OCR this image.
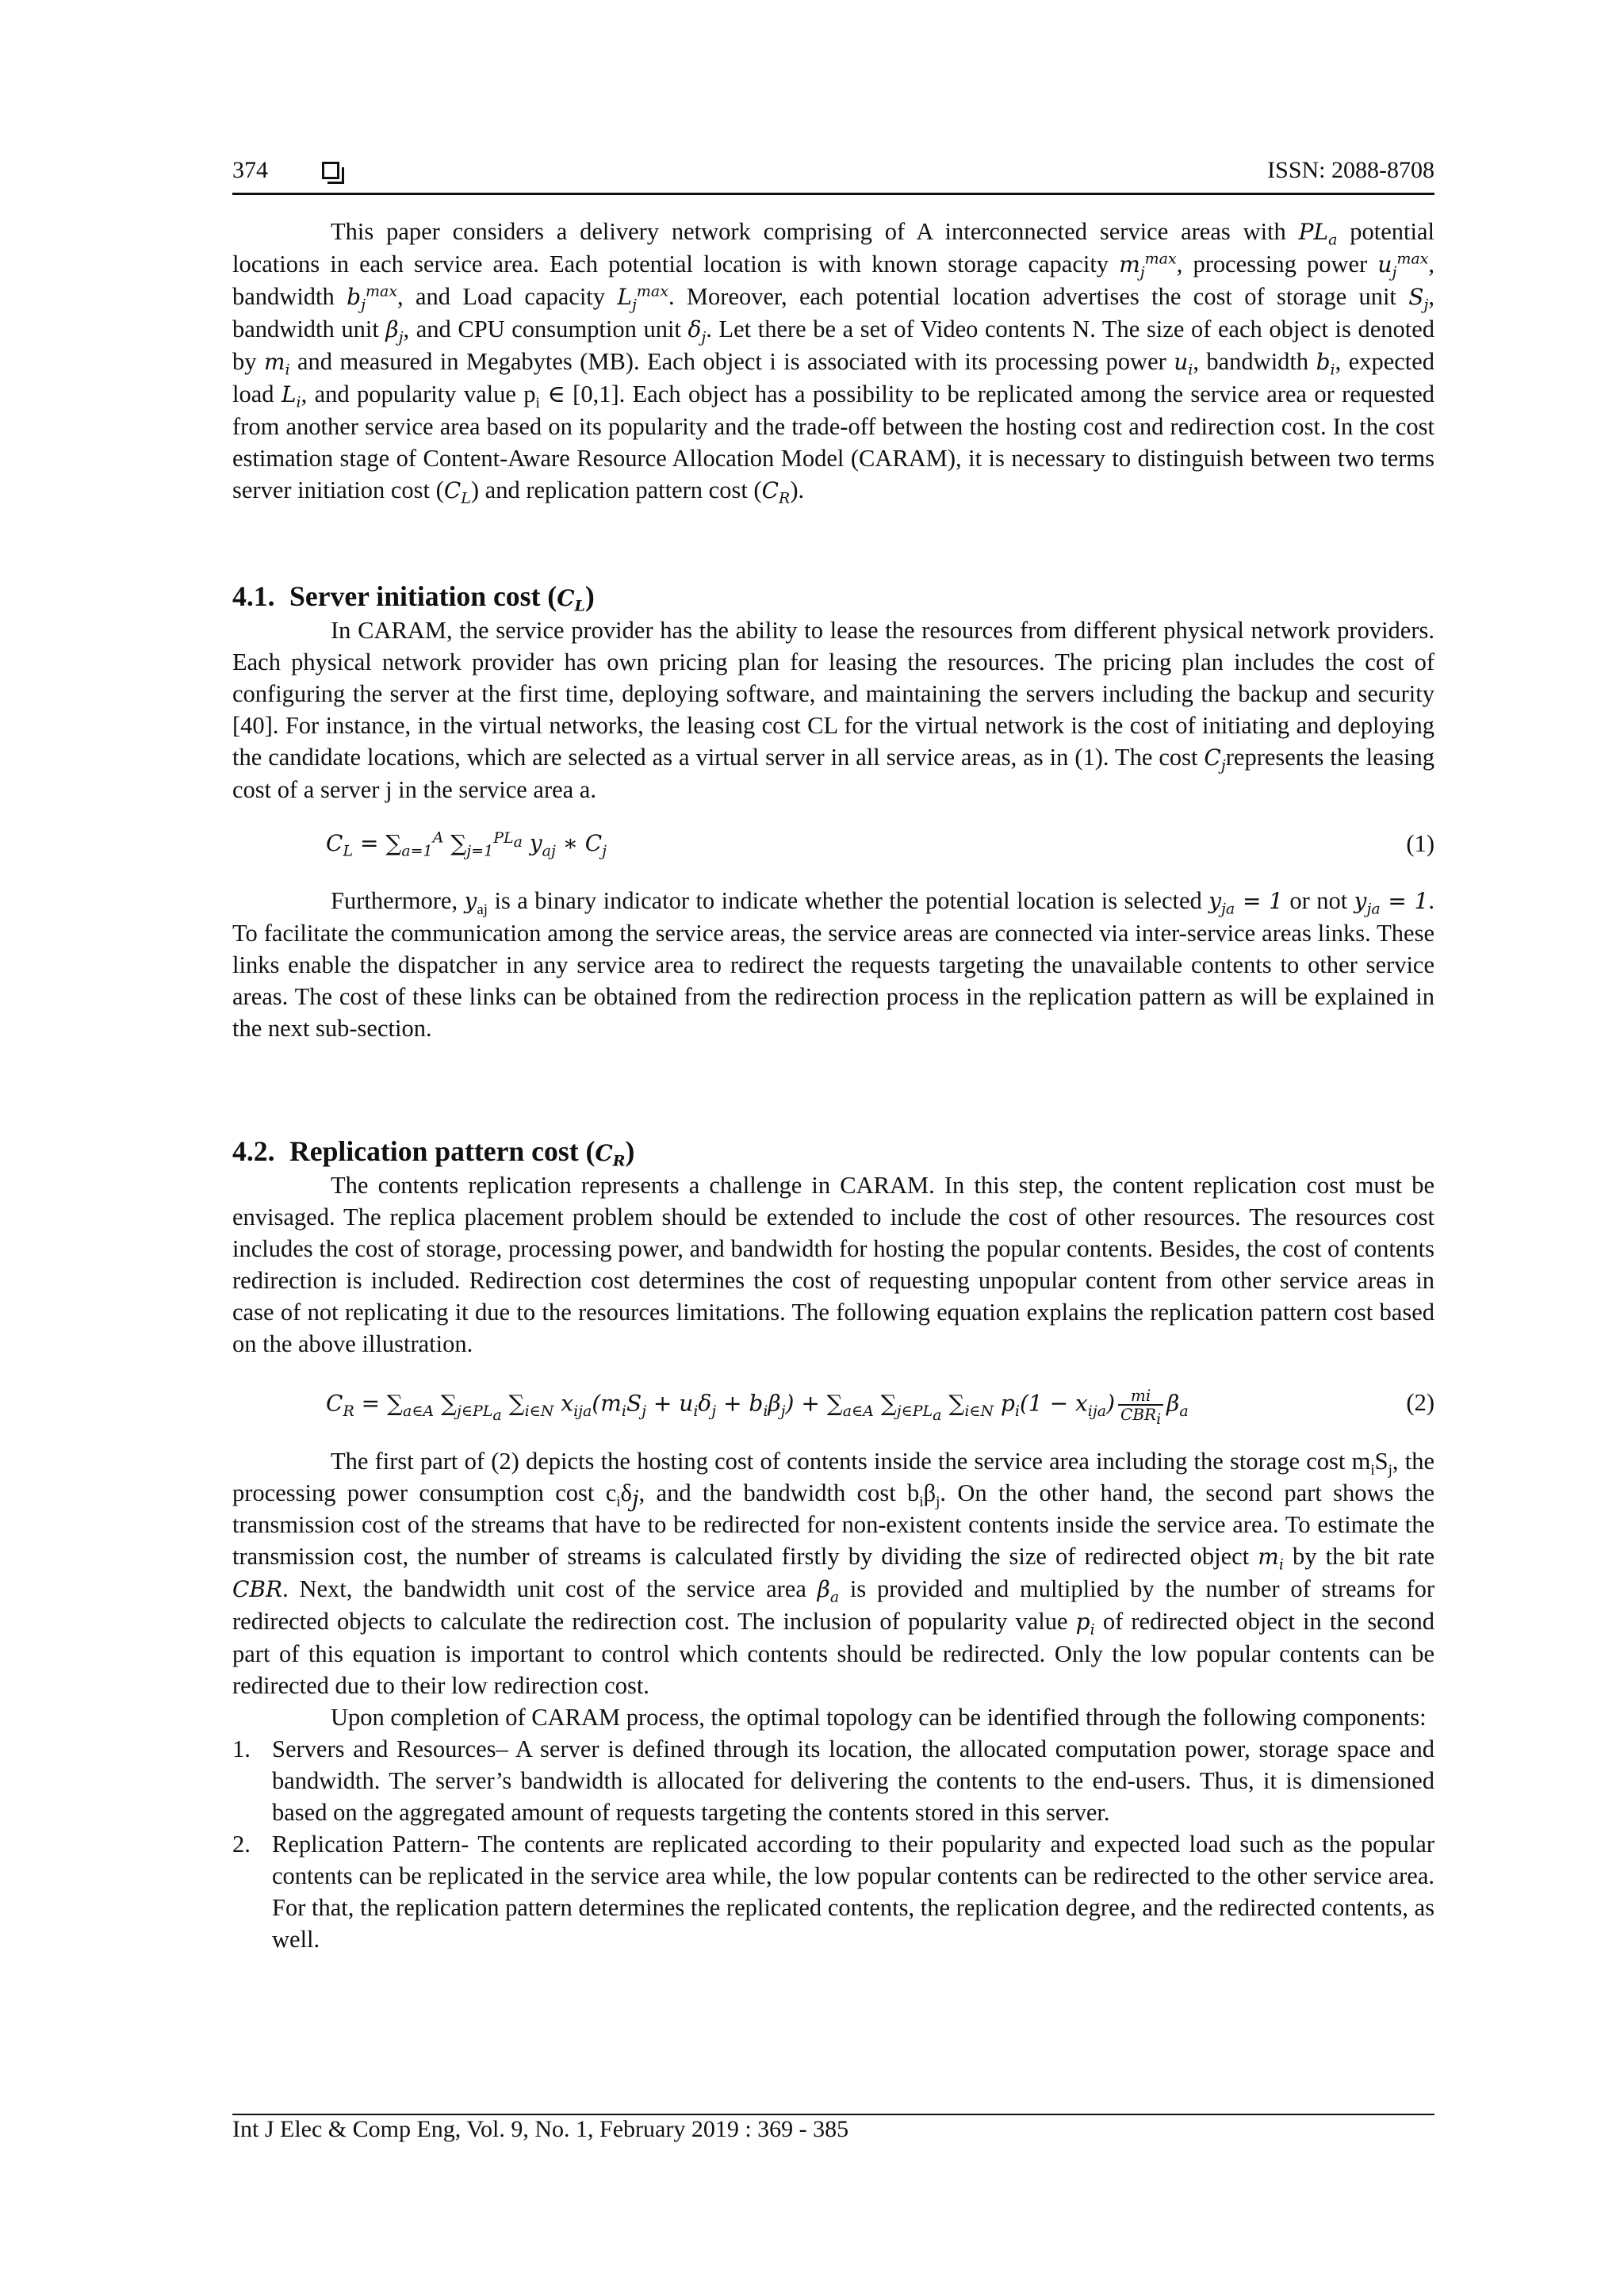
374	ISSN: 2088-8708

This paper considers a delivery network comprising of A interconnected service areas with $PL_a$ potential locations in each service area. Each potential location is with known storage capacity $m_j^{max}$, processing power $u_j^{max}$, bandwidth $b_j^{max}$, and Load capacity $L_j^{max}$. Moreover, each potential location advertises the cost of storage unit $S_j$, bandwidth unit $\beta_j$, and CPU consumption unit $\delta_j$. Let there be a set of Video contents N. The size of each object is denoted by $m_i$ and measured in Megabytes (MB). Each object i is associated with its processing power $u_i$, bandwidth $b_i$, expected load $L_i$, and popularity value $p_i$ ∈ [0,1]. Each object has a possibility to be replicated among the service area or requested from another service area based on its popularity and the trade-off between the hosting cost and redirection cost. In the cost estimation stage of Content-Aware Resource Allocation Model (CARAM), it is necessary to distinguish between two terms server initiation cost $(C_L)$ and replication pattern cost $(C_R)$.

4.1. Server initiation cost $(C_L)$

In CARAM, the service provider has the ability to lease the resources from different physical network providers. Each physical network provider has own pricing plan for leasing the resources. The pricing plan includes the cost of configuring the server at the first time, deploying software, and maintaining the servers including the backup and security [40]. For instance, in the virtual networks, the leasing cost CL for the virtual network is the cost of initiating and deploying the candidate locations, which are selected as a virtual server in all service areas, as in (1). The cost $C_jrepresents$ the leasing cost of a server j in the service area a.

$C_L = \sum_{a=1}^A$ $\sum_{j=1}^{PL_a}$ $y_{aj}$ ∗ $C_j$	(1)

Furthermore, $y_{aj}$ is a binary indicator to indicate whether the potential location is selected $y_{ja} = 1$ or not $y_{ja} = 1$. To facilitate the communication among the service areas, the service areas are connected via inter-service areas links. These links enable the dispatcher in any service area to redirect the requests targeting the unavailable contents to other service areas. The cost of these links can be obtained from the redirection process in the replication pattern as will be explained in the next sub-section.

4.2. Replication pattern cost $(C_R)$

The contents replication represents a challenge in CARAM. In this step, the content replication cost must be envisaged. The replica placement problem should be extended to include the cost of other resources. The resources cost includes the cost of storage, processing power, and bandwidth for hosting the popular contents. Besides, the cost of contents redirection is included. Redirection cost determines the cost of requesting unpopular content from other service areas in case of not replicating it due to the resources limitations. The following equation explains the replication pattern cost based on the above illustration.

$C_R = \sum_{a\in A}$ $\sum_{j\in PL_a}$ $\sum_{i\in N}$ $x_{ija}(m_iS_j + u_i\delta_j + b_i\beta_j) + \sum_{a\in A}$ $\sum_{j\in PL_a}$ $\sum_{i\in N}$ $p_i(1 - x_{ija}) \frac{mi}{CBR_i} \beta_a$	(2)

The first part of (2) depicts the hosting cost of contents inside the service area including the storage cost $m_iS_j$, the processing power consumption cost $c_i\delta_j$, and the bandwidth cost $b_i\beta_j$. On the other hand, the second part shows the transmission cost of the streams that have to be redirected for non-existent contents inside the service area. To estimate the transmission cost, the number of streams is calculated firstly by dividing the size of redirected object $m_i$ by the bit rate CBR. Next, the bandwidth unit cost of the service area $\beta_a$ is provided and multiplied by the number of streams for redirected objects to calculate the redirection cost. The inclusion of popularity value $p_i$ of redirected object in the second part of this equation is important to control which contents should be redirected. Only the low popular contents can be redirected due to their low redirection cost.

Upon completion of CARAM process, the optimal topology can be identified through the following components:

1. Servers and Resources– A server is defined through its location, the allocated computation power, storage space and bandwidth. The server’s bandwidth is allocated for delivering the contents to the end-users. Thus, it is dimensioned based on the aggregated amount of requests targeting the contents stored in this server.
2. Replication Pattern- The contents are replicated according to their popularity and expected load such as the popular contents can be replicated in the service area while, the low popular contents can be redirected to the other service area. For that, the replication pattern determines the replicated contents, the replication degree, and the redirected contents, as well.
Int J Elec & Comp Eng, Vol. 9, No. 1, February 2019 : 369 - 385
